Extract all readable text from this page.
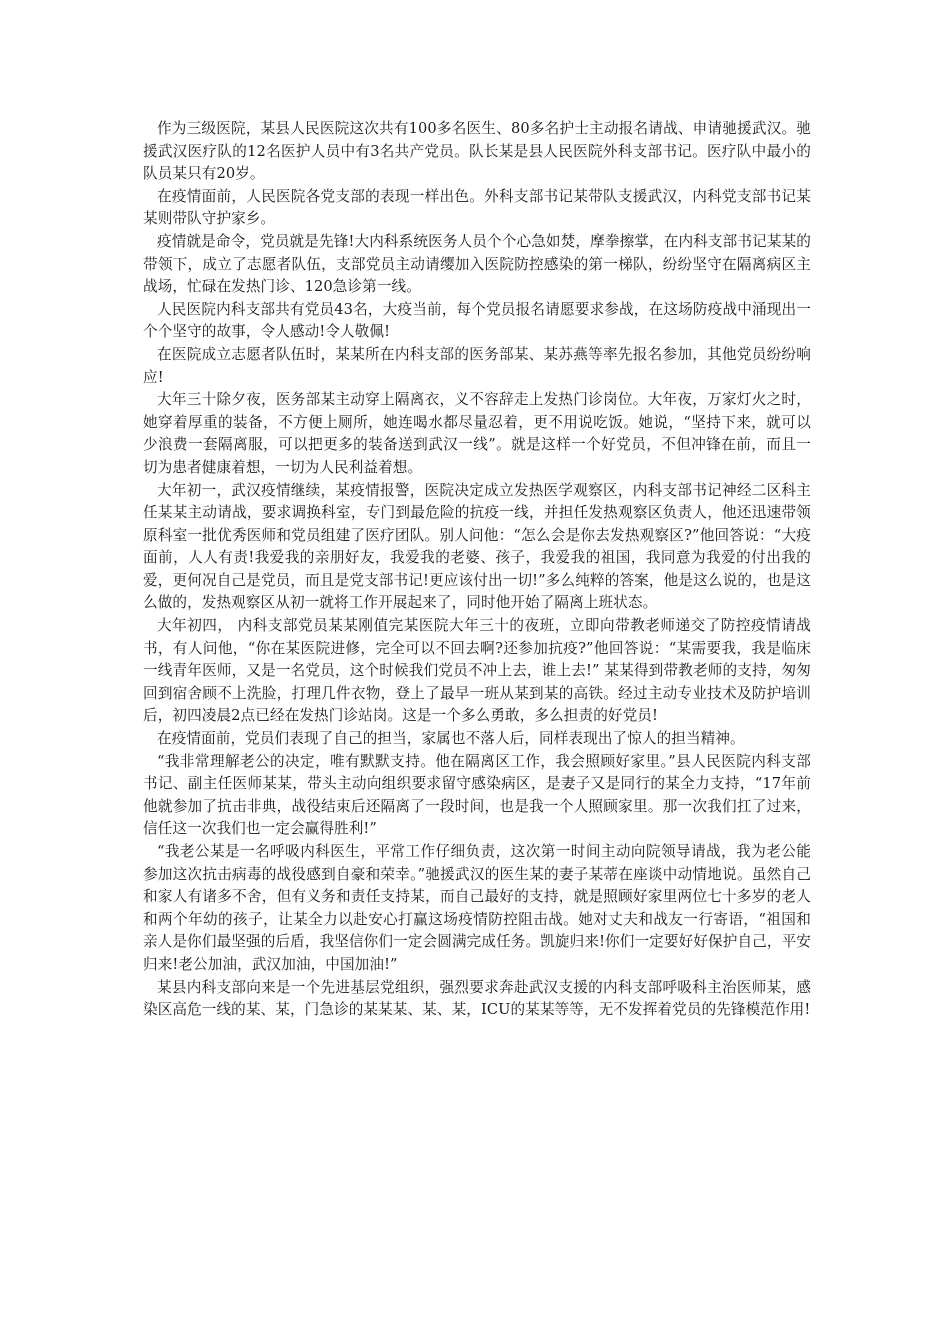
作为三级医院，某县人民医院这次共有100多名医生、80多名护士主动报名请战、申请驰援武汉。驰援武汉医疗队的12名医护人员中有3名共产党员。队长某是县人民医院外科支部书记。医疗队中最小的队员某只有20岁。

在疫情面前，人民医院各党支部的表现一样出色。外科支部书记某带队支援武汉，内科党支部书记某某则带队守护家乡。

疫情就是命令，党员就是先锋!大内科系统医务人员个个心急如焚，摩拳擦掌，在内科支部书记某某的带领下，成立了志愿者队伍，支部党员主动请缨加入医院防控感染的第一梯队，纷纷坚守在隔离病区主战场，忙碌在发热门诊、120急诊第一线。

人民医院内科支部共有党员43名，大疫当前，每个党员报名请愿要求参战，在这场防疫战中涌现出一个个坚守的故事，令人感动!令人敬佩!

在医院成立志愿者队伍时，某某所在内科支部的医务部某、某苏燕等率先报名参加，其他党员纷纷响应!

大年三十除夕夜，医务部某主动穿上隔离衣，义不容辞走上发热门诊岗位。大年夜，万家灯火之时，她穿着厚重的装备，不方便上厕所，她连喝水都尽量忍着，更不用说吃饭。她说，“坚持下来，就可以少浪费一套隔离服，可以把更多的装备送到武汉一线”。就是这样一个好党员，不但冲锋在前，而且一切为患者健康着想，一切为人民利益着想。

大年初一，武汉疫情继续，某疫情报警，医院决定成立发热医学观察区，内科支部书记神经二区科主任某某主动请战，要求调换科室，专门到最危险的抗疫一线，并担任发热观察区负责人，他还迅速带领原科室一批优秀医师和党员组建了医疗团队。别人问他：“怎么会是你去发热观察区?”他回答说：“大疫面前，人人有责!我爱我的亲朋好友，我爱我的老婆、孩子，我爱我的祖国，我同意为我爱的付出我的爱，更何况自己是党员，而且是党支部书记!更应该付出一切!”多么纯粹的答案，他是这么说的，也是这么做的，发热观察区从初一就将工作开展起来了，同时他开始了隔离上班状态。

大年初四， 内科支部党员某某刚值完某医院大年三十的夜班，立即向带教老师递交了防控疫情请战书，有人问他，“你在某医院进修，完全可以不回去啊?还参加抗疫?”他回答说：“某需要我，我是临床一线青年医师，又是一名党员，这个时候我们党员不冲上去，谁上去!” 某某得到带教老师的支持，匆匆回到宿舍顾不上洗脸，打理几件衣物，登上了最早一班从某到某的高铁。经过主动专业技术及防护培训后，初四凌晨2点已经在发热门诊站岗。这是一个多么勇敢，多么担责的好党员!

在疫情面前，党员们表现了自己的担当，家属也不落人后，同样表现出了惊人的担当精神。

“我非常理解老公的决定，唯有默默支持。他在隔离区工作，我会照顾好家里。”县人民医院内科支部书记、副主任医师某某，带头主动向组织要求留守感染病区，是妻子又是同行的某全力支持，“17年前他就参加了抗击非典，战役结束后还隔离了一段时间，也是我一个人照顾家里。那一次我们扛了过来，信任这一次我们也一定会赢得胜利!”

“我老公某是一名呼吸内科医生，平常工作仔细负责，这次第一时间主动向院领导请战，我为老公能参加这次抗击病毒的战役感到自豪和荣幸。”驰援武汉的医生某的妻子某蒂在座谈中动情地说。虽然自己和家人有诸多不舍，但有义务和责任支持某，而自己最好的支持，就是照顾好家里两位七十多岁的老人和两个年幼的孩子，让某全力以赴安心打赢这场疫情防控阻击战。她对丈夫和战友一行寄语，“祖国和亲人是你们最坚强的后盾，我坚信你们一定会圆满完成任务。凯旋归来!你们一定要好好保护自己，平安归来!老公加油，武汉加油，中国加油!”

某县内科支部向来是一个先进基层党组织，强烈要求奔赴武汉支援的内科支部呼吸科主治医师某，感染区高危一线的某、某，门急诊的某某某、某、某，ICU的某某等等，无不发挥着党员的先锋模范作用!
